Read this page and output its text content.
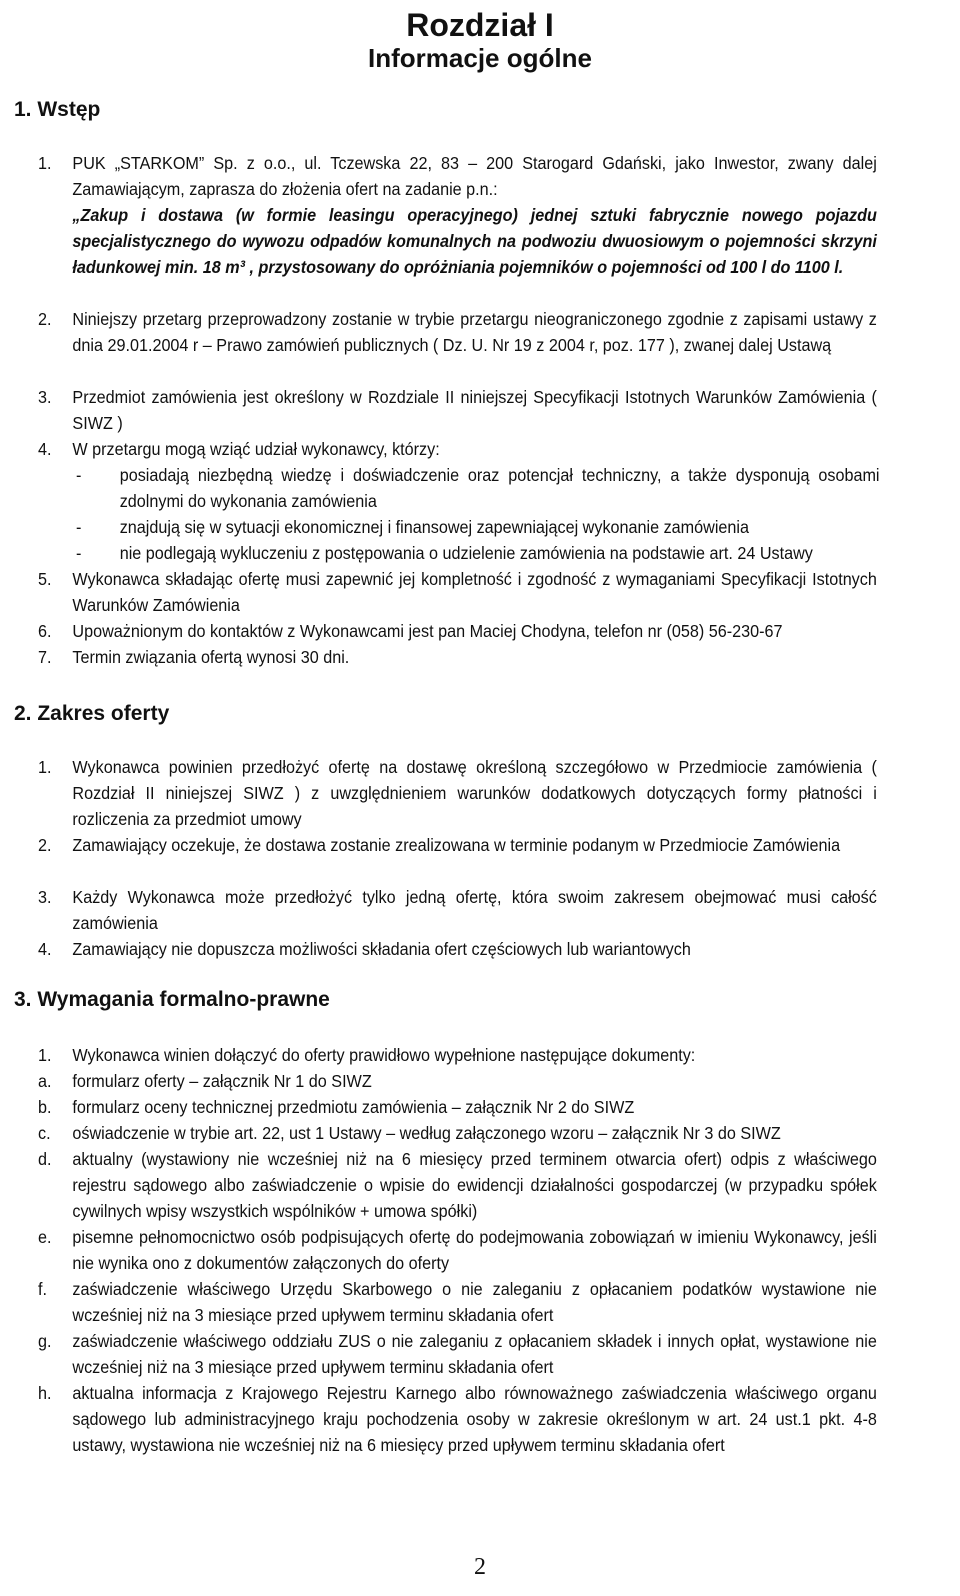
Rozdział I
Informacje ogólne
1. Wstęp
1.	PUK „STARKOM” Sp. z o.o., ul. Tczewska 22, 83 – 200 Starogard Gdański, jako Inwestor, zwany dalej Zamawiającym, zaprasza do złożenia ofert na zadanie p.n.:
„Zakup i dostawa (w formie leasingu operacyjnego) jednej sztuki fabrycznie nowego pojazdu specjalistycznego do wywozu odpadów komunalnych na podwoziu dwuosiowym o pojemności skrzyni ładunkowej min. 18 m³ , przystosowany do opróżniania pojemników o pojemności od 100 l do 1100 l.
2.	Niniejszy przetarg przeprowadzony zostanie w trybie przetargu nieograniczonego zgodnie z zapisami ustawy z dnia 29.01.2004 r – Prawo zamówień publicznych ( Dz. U. Nr 19 z 2004 r, poz. 177 ), zwanej dalej Ustawą
3.	Przedmiot zamówienia jest określony w Rozdziale II niniejszej Specyfikacji Istotnych Warunków Zamówienia ( SIWZ )
4.	W przetargu mogą wziąć udział wykonawcy, którzy:
-	posiadają niezbędną wiedzę i doświadczenie oraz potencjał techniczny, a także dysponują osobami zdolnymi do wykonania zamówienia
-	znajdują się w sytuacji ekonomicznej i finansowej zapewniającej wykonanie zamówienia
-	nie podlegają wykluczeniu z postępowania o udzielenie zamówienia na podstawie art. 24 Ustawy
5.	Wykonawca składając ofertę musi zapewnić jej kompletność i zgodność z wymaganiami Specyfikacji Istotnych Warunków Zamówienia
6.	Upoważnionym do kontaktów z Wykonawcami jest pan Maciej Chodyna, telefon nr (058) 56-230-67
7.	Termin związania ofertą wynosi 30 dni.
2. Zakres oferty
1.	Wykonawca powinien przedłożyć ofertę na dostawę określoną szczegółowo w Przedmiocie zamówienia ( Rozdział II niniejszej SIWZ ) z uwzględnieniem warunków dodatkowych dotyczących formy płatności i rozliczenia za przedmiot umowy
2.	Zamawiający oczekuje, że dostawa zostanie zrealizowana w terminie podanym w Przedmiocie Zamówienia
3.	Każdy Wykonawca może przedłożyć tylko jedną ofertę, która swoim zakresem obejmować musi całość zamówienia
4.	Zamawiający nie dopuszcza możliwości składania ofert częściowych lub wariantowych
3. Wymagania formalno-prawne
1.	Wykonawca winien dołączyć do oferty prawidłowo wypełnione następujące dokumenty:
a.	formularz oferty – załącznik Nr 1 do SIWZ
b.	formularz oceny technicznej przedmiotu zamówienia – załącznik Nr 2 do SIWZ
c.	oświadczenie w trybie art. 22, ust 1 Ustawy – według załączonego wzoru – załącznik Nr 3 do SIWZ
d.	aktualny (wystawiony nie wcześniej niż na 6 miesięcy przed terminem otwarcia ofert) odpis z właściwego rejestru sądowego albo zaświadczenie o wpisie do ewidencji działalności gospodarczej (w przypadku spółek cywilnych wpisy wszystkich wspólników + umowa spółki)
e.	pisemne pełnomocnictwo osób podpisujących ofertę do podejmowania zobowiązań w imieniu Wykonawcy, jeśli nie wynika ono z dokumentów załączonych do oferty
f.	zaświadczenie właściwego Urzędu Skarbowego o nie zaleganiu z opłacaniem podatków wystawione nie wcześniej niż na 3 miesiące przed upływem terminu składania ofert
g.	zaświadczenie właściwego oddziału ZUS o nie zaleganiu z opłacaniem składek i innych opłat, wystawione nie wcześniej niż na 3 miesiące przed upływem terminu składania ofert
h.	aktualna informacja z Krajowego Rejestru Karnego albo równoważnego zaświadczenia właściwego organu sądowego lub administracyjnego kraju pochodzenia osoby w zakresie określonym w art. 24 ust.1 pkt. 4-8 ustawy, wystawiona nie wcześniej niż na 6 miesięcy przed upływem terminu składania ofert
2
